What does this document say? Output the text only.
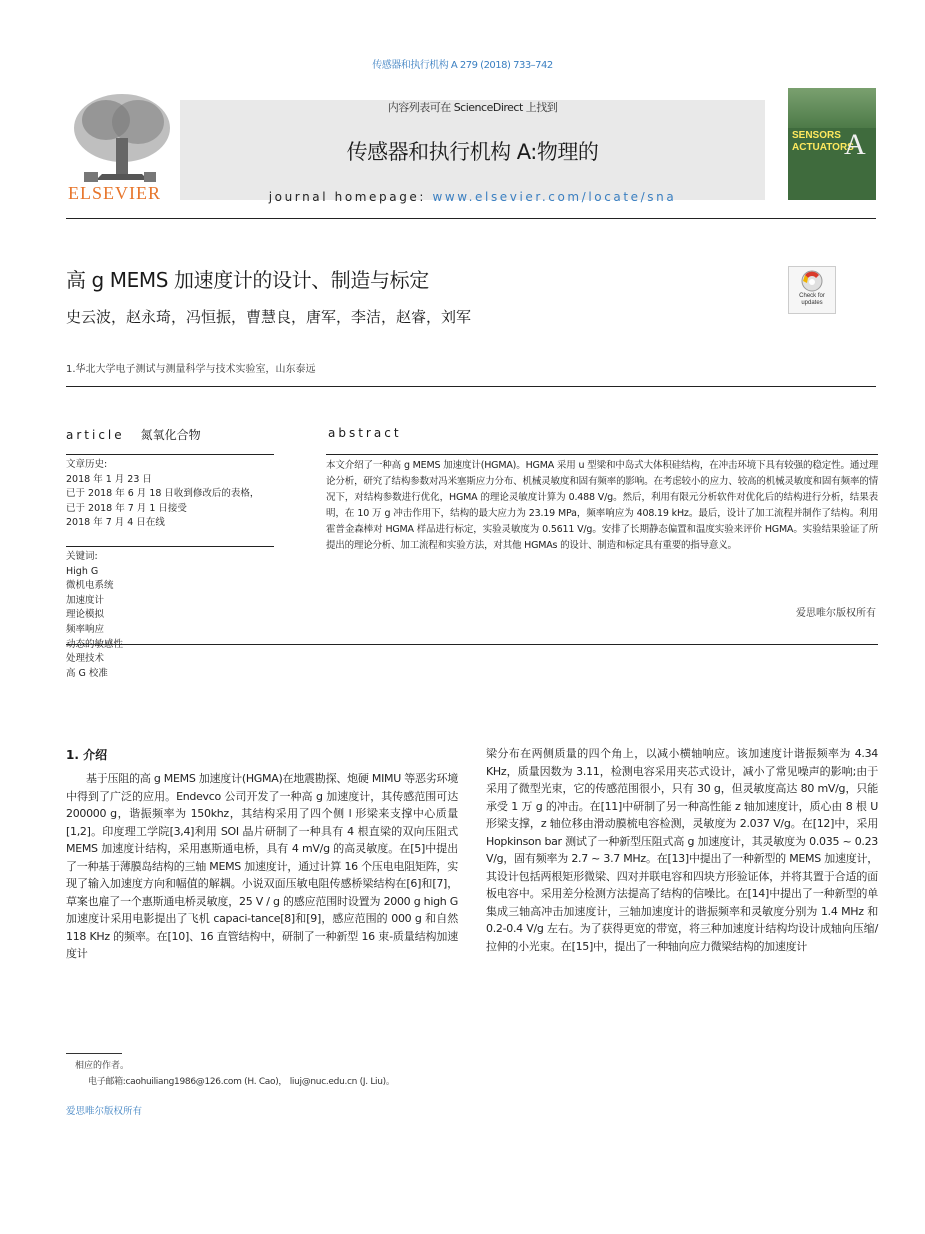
传感器和执行机构 A 279 (2018) 733–742
ELSEVIER
内容列表可在 ScienceDirect 上找到
传感器和执行机构 A:物理的
journal homepage: www.elsevier.com/locate/sna
SENSORS
ACTUATORS
A
高 g MEMS 加速度计的设计、制造与标定
史云波，赵永琦，冯恒振，曹慧良，唐军，李洁，赵睿，刘军
Check for updates
1.华北大学电子测试与测量科学与技术实验室，山东泰远
article 氮氧化合物	abstract
文章历史:
2018 年 1 月 23 日
已于 2018 年 6 月 18 日收到修改后的表格，
已于 2018 年 7 月 1 日接受
2018 年 7 月 4 日在线
关键词:
High G
微机电系统
加速度计
理论模拟
频率响应
动态的敏感性
处理技术
高 G 校准
本文介绍了一种高 g MEMS 加速度计(HGMA)。HGMA 采用 u 型梁和中岛式大体积硅结构，在冲击环境下具有较强的稳定性。通过理论分析，研究了结构参数对冯米塞斯应力分布、机械灵敏度和固有频率的影响。在考虑较小的应力、较高的机械灵敏度和固有频率的情况下，对结构参数进行优化，HGMA 的理论灵敏度计算为 0.488 V/g。然后，利用有限元分析软件对优化后的结构进行分析，结果表明，在 10 万 g 冲击作用下，结构的最大应力为 23.19 MPa，频率响应为 408.19 kHz。最后，设计了加工流程并制作了结构。利用霍普金森棒对 HGMA 样品进行标定，实验灵敏度为 0.5611 V/g。安排了长期静态偏置和温度实验来评价 HGMA。实验结果验证了所提出的理论分析、加工流程和实验方法，对其他 HGMAs 的设计、制造和标定具有重要的指导意义。
爱思唯尔版权所有
1. 介绍
基于压阻的高 g MEMS 加速度计(HGMA)在地震勘探、炮硬 MIMU 等恶劣环境中得到了广泛的应用。Endevco 公司开发了一种高 g 加速度计，其传感范围可达 200000 g，谐振频率为 150khz，其结构采用了四个侧 l 形梁来支撑中心质量[1,2]。印度理工学院[3,4]利用 SOI 晶片研制了一种具有 4 根直梁的双向压阻式 MEMS 加速度计结构，采用惠斯通电桥，具有 4 mV/g 的高灵敏度。在[5]中提出了一种基于薄膜岛结构的三轴 MEMS 加速度计，通过计算 16 个压电电阻矩阵，实现了输入加速度方向和幅值的解耦。小说双面压敏电阻传感桥梁结构在[6]和[7]，草案也雇了一个惠斯通电桥灵敏度，25 V / g 的感应范围时设置为 2000 g high G 加速度计采用电影提出了飞机 capaci-tance[8]和[9]，感应范围的 000 g 和自然 118 KHz 的频率。在[10]、16 直管结构中，研制了一种新型 16 束-质量结构加速度计
梁分布在两侧质量的四个角上，以减小横轴响应。该加速度计谐振频率为 4.34 KHz，质量因数为 3.11，检测电容采用夹芯式设计，减小了常见噪声的影响;由于采用了微型光束，它的传感范围很小，只有 30 g，但灵敏度高达 80 mV/g，只能承受 1 万 g 的冲击。在[11]中研制了另一种高性能 z 轴加速度计，质心由 8 根 U 形梁支撑，z 轴位移由滑动膜梳电容检测，灵敏度为 2.037 V/g。在[12]中，采用 Hopkinson bar 测试了一种新型压阻式高 g 加速度计，其灵敏度为 0.035 ~ 0.23 V/g，固有频率为 2.7 ~ 3.7 MHz。在[13]中提出了一种新型的 MEMS 加速度计，其设计包括两根矩形微梁、四对并联电容和四块方形验证体，并将其置于合适的面板电容中。采用差分检测方法提高了结构的信噪比。在[14]中提出了一种新型的单集成三轴高冲击加速度计，三轴加速度计的谐振频率和灵敏度分别为 1.4 MHz 和 0.2-0.4 V/g 左右。为了获得更宽的带宽，将三种加速度计结构均设计成轴向压缩/拉伸的小光束。在[15]中，提出了一种轴向应力微梁结构的加速度计
相应的作者。
电子邮箱:caohuiliang1986@126.com (H. Cao)， liuj@nuc.edu.cn (J. Liu)。
爱思唯尔版权所有
